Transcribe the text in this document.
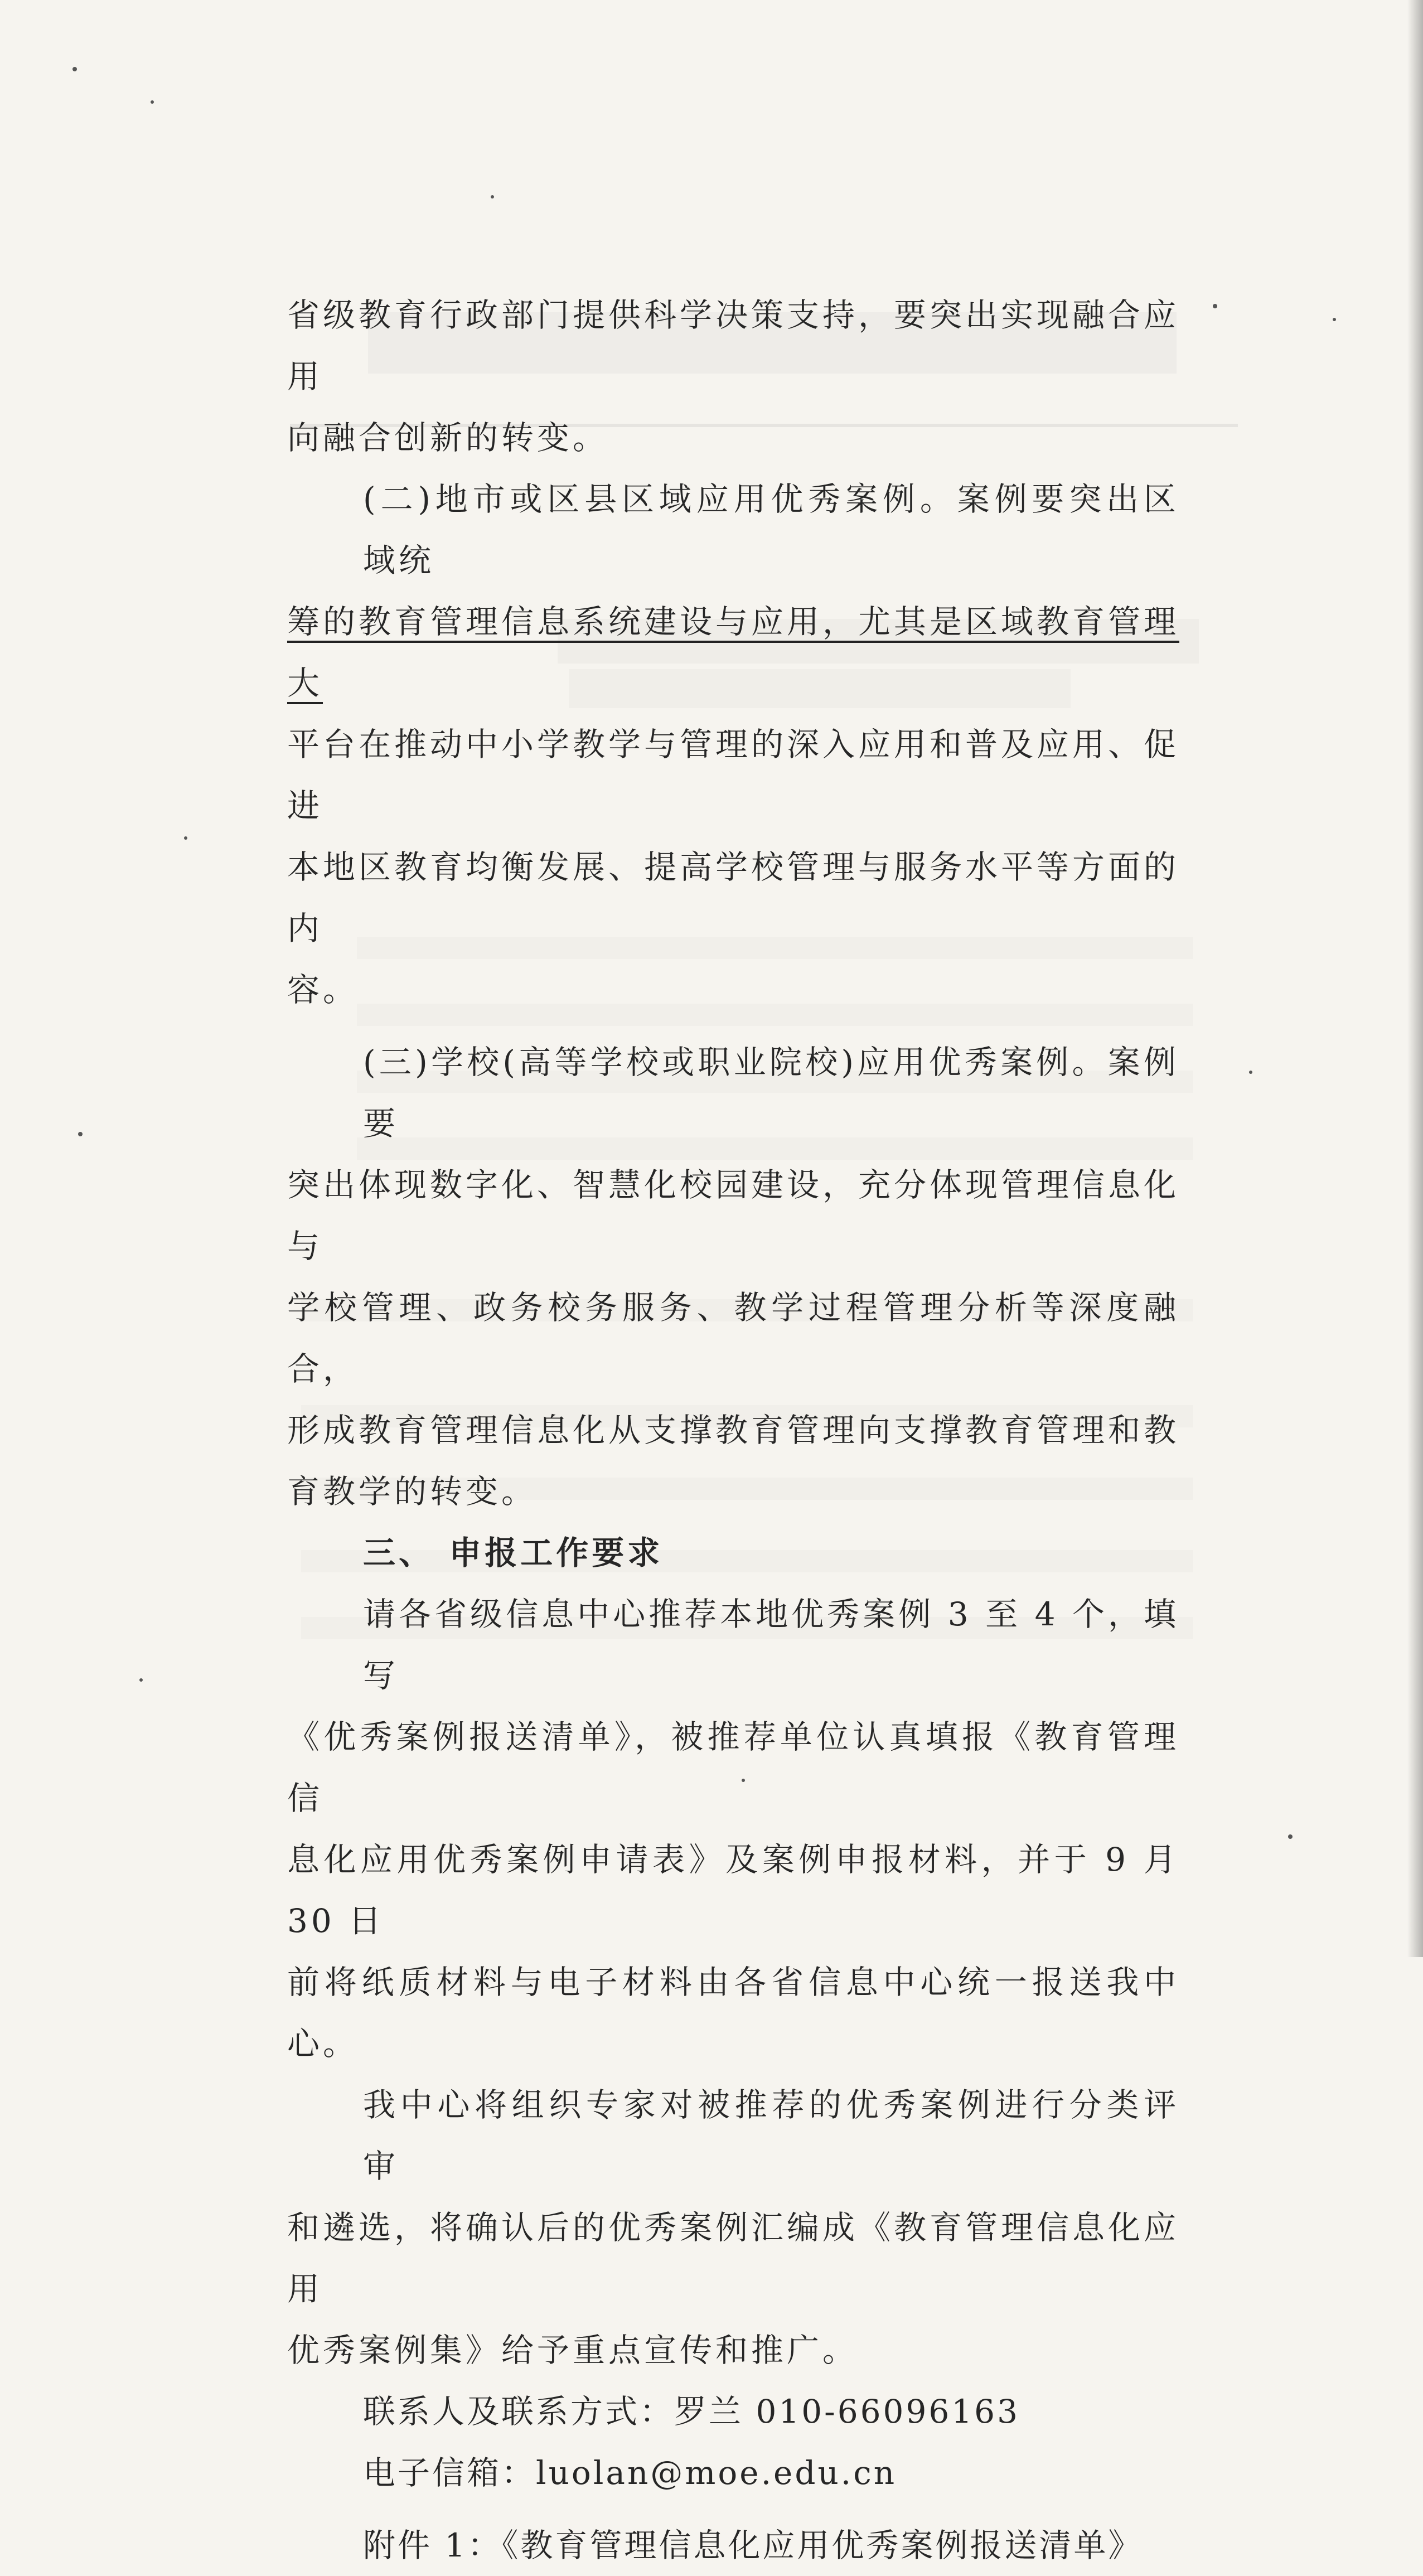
省级教育行政部门提供科学决策支持，要突出实现融合应用
向融合创新的转变。

(二)地市或区县区域应用优秀案例。案例要突出区域统
筹的教育管理信息系统建设与应用，尤其是区域教育管理大
平台在推动中小学教学与管理的深入应用和普及应用、促进
本地区教育均衡发展、提高学校管理与服务水平等方面的内
容。

(三)学校(高等学校或职业院校)应用优秀案例。案例要
突出体现数字化、智慧化校园建设，充分体现管理信息化与
学校管理、政务校务服务、教学过程管理分析等深度融合，
形成教育管理信息化从支撑教育管理向支撑教育管理和教
育教学的转变。

三、 申报工作要求

请各省级信息中心推荐本地优秀案例 3 至 4 个，填写
《优秀案例报送清单》，被推荐单位认真填报《教育管理信
息化应用优秀案例申请表》及案例申报材料，并于 9 月 30 日
前将纸质材料与电子材料由各省信息中心统一报送我中心。

我中心将组织专家对被推荐的优秀案例进行分类评审
和遴选，将确认后的优秀案例汇编成《教育管理信息化应用
优秀案例集》给予重点宣传和推广。

联系人及联系方式：罗兰 010-66096163

电子信箱：luolan@moe.edu.cn

附件 1：《教育管理信息化应用优秀案例报送清单》
